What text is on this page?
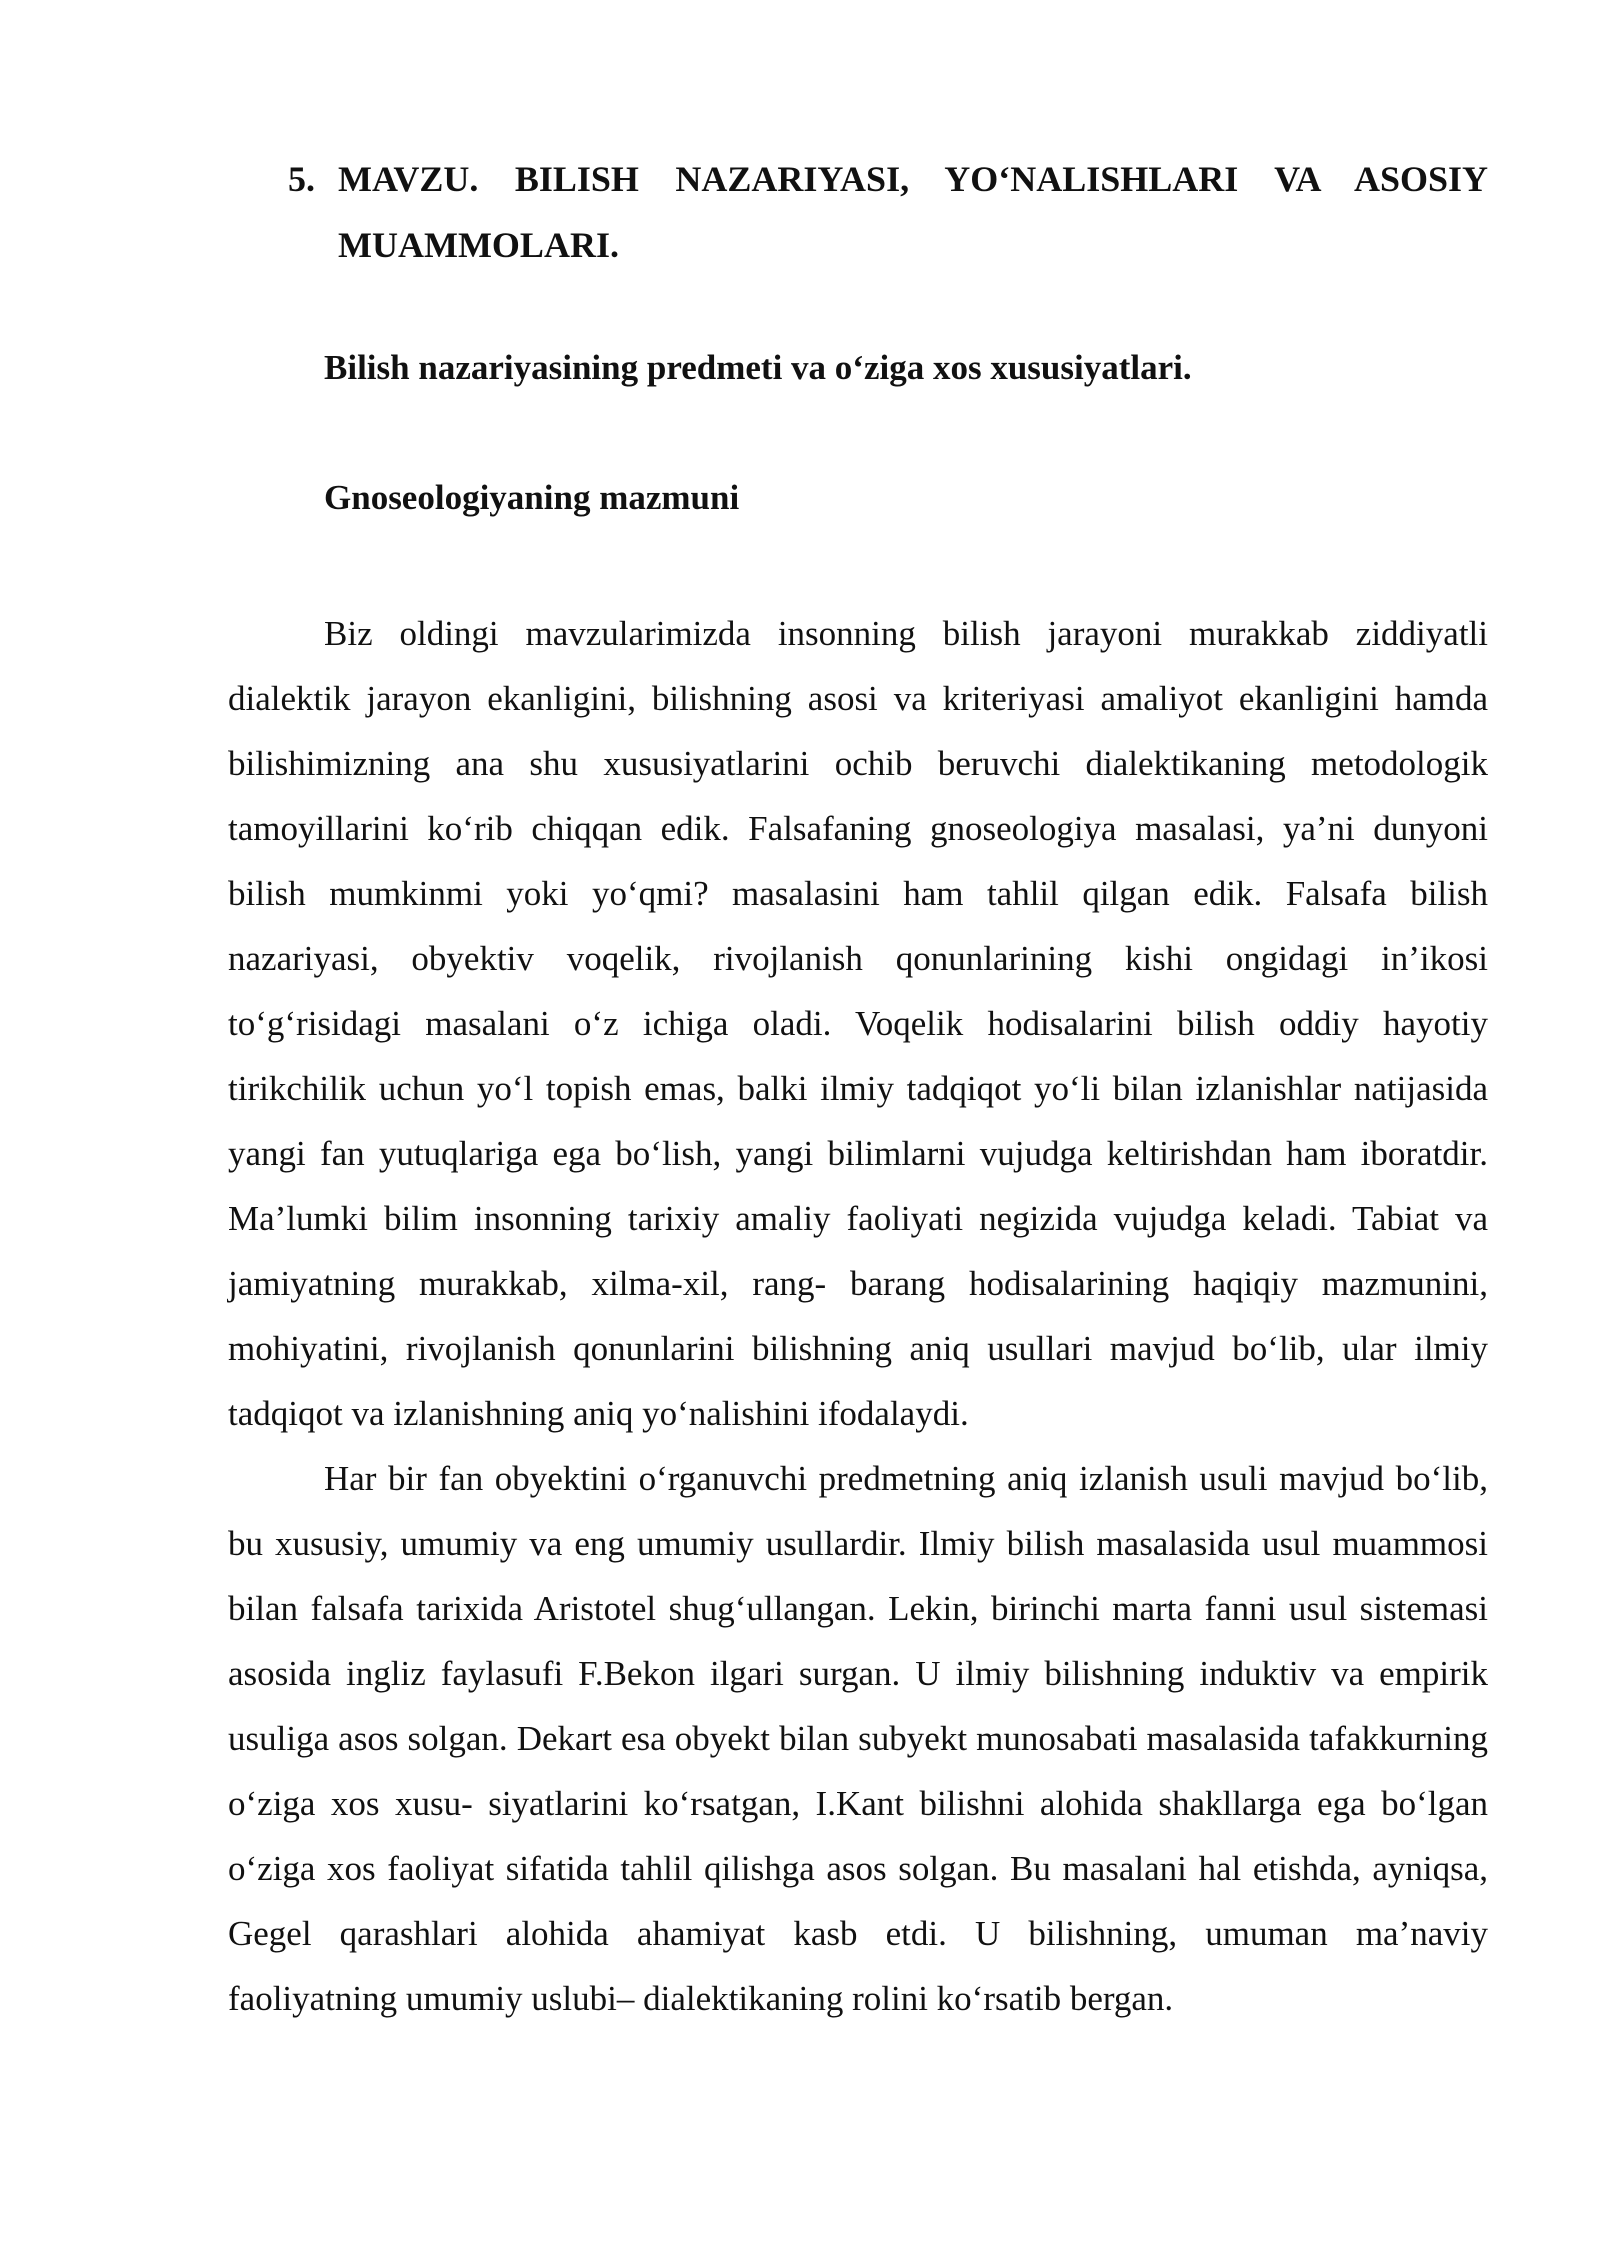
5. MAVZU. BILISH NAZARIYASI, YO‘NALISHLARI VA ASOSIY MUAMMOLARI.
Bilish nazariyasining predmeti va o‘ziga xos xususiyatlari.
Gnoseologiyaning mazmuni

Biz oldingi mavzularimizda insonning bilish jarayoni murakkab ziddiyatli dialektik jarayon ekanligini, bilishning asosi va kriteriyasi amaliyot ekanligini hamda bilishimizning ana shu xususiyatlarini ochib beruvchi dialektikaning metodologik tamoyillarini ko‘rib chiqqan edik. Falsafaning gnoseologiya masalasi, ya’ni dunyoni bilish mumkinmi yoki yo‘qmi? masalasini ham tahlil qilgan edik. Falsafa bilish nazariyasi, obyektiv voqelik, rivojlanish qonunlarining kishi ongidagi in’ikosi to‘g‘risidagi masalani o‘z ichiga oladi. Voqelik hodisalarini bilish oddiy hayotiy tirikchilik uchun yo‘l topish emas, balki ilmiy tadqiqot yo‘li bilan izlanishlar natijasida yangi fan yutuqlariga ega bo‘lish, yangi bilimlarni vujudga keltirishdan ham iboratdir. Ma’lumki bilim insonning tarixiy amaliy faoliyati negizida vujudga keladi. Tabiat va jamiyatning murakkab, xilma-xil, rang- barang hodisalarining haqiqiy mazmunini, mohiyatini, rivojlanish qonunlarini bilishning aniq usullari mavjud bo‘lib, ular ilmiy tadqiqot va izlanishning aniq yo‘nalishini ifodalaydi.

Har bir fan obyektini o‘rganuvchi predmetning aniq izlanish usuli mavjud bo‘lib, bu xususiy, umumiy va eng umumiy usullardir. Ilmiy bilish masalasida usul muammosi bilan falsafa tarixida Aristotel shug‘ullangan. Lekin, birinchi marta fanni usul sistemasi asosida ingliz faylasufi F.Bekon ilgari surgan. U ilmiy bilishning induktiv va empirik usuliga asos solgan. Dekart esa obyekt bilan subyekt munosabati masalasida tafakkurning o‘ziga xos xusu- siyatlarini ko‘rsatgan, I.Kant bilishni alohida shakllarga ega bo‘lgan o‘ziga xos faoliyat sifatida tahlil qilishga asos solgan. Bu masalani hal etishda, ayniqsa, Gegel qarashlari alohida ahamiyat kasb etdi. U bilishning, umuman ma’naviy faoliyatning umumiy uslubi– dialektikaning rolini ko‘rsatib bergan.
